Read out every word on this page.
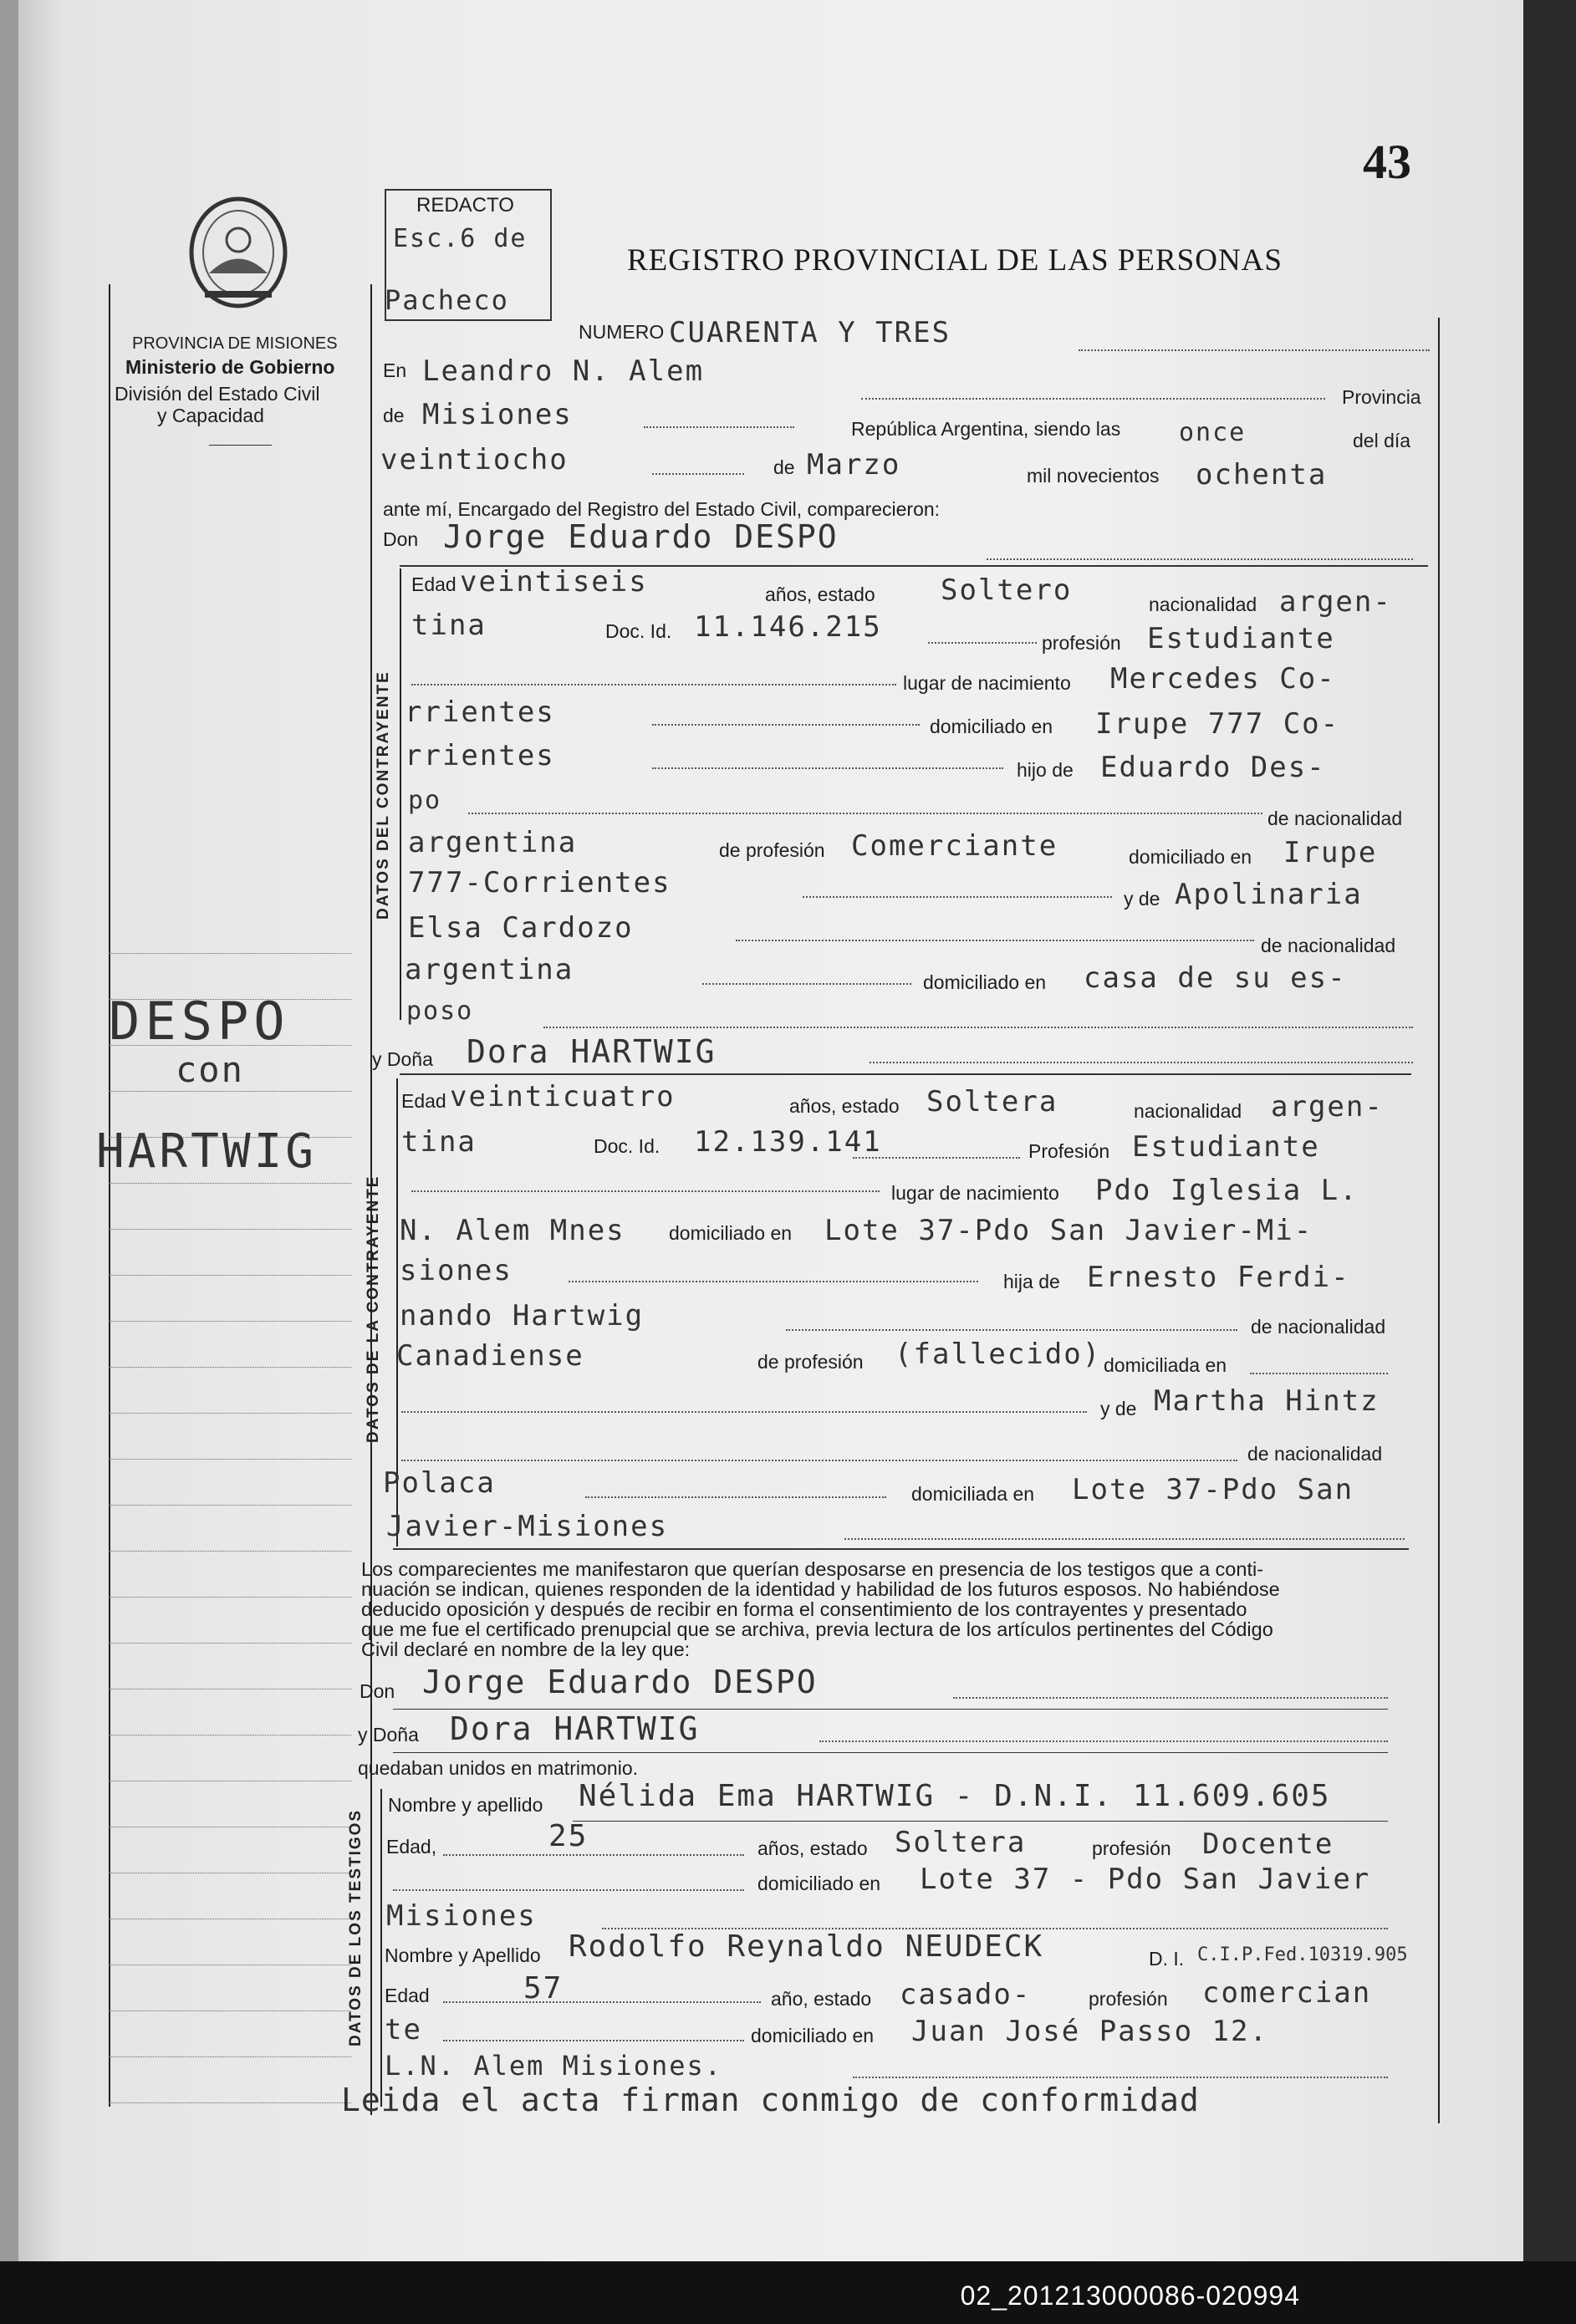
43
REDACTO
Esc.6 de
Pacheco
PROVINCIA DE MISIONES
Ministerio de Gobierno
División del Estado Civil
y Capacidad
REGISTRO PROVINCIAL DE LAS PERSONAS
DESPO
con
HARTWIG
NUMERO CUARENTA Y TRES
En Leandro N. Alem
Provincia
de Misiones	República Argentina, siendo las once	del día
veintiocho	de Marzo	mil novecientos ochenta
ante mí, Encargado del Registro del Estado Civil, comparecieron:
Don Jorge Eduardo DESPO
DATOS DEL CONTRAYENTE
Edad veintiseis	años, estado Soltero	nacionalidad argen-
tina	Doc. Id. 11.146.215	profesión Estudiante
lugar de nacimiento Mercedes Co-
rrientes	domiciliado en Irupe 777 Co-
rrientes	hijo de Eduardo Des-
po
de nacionalidad
argentina	de profesión Comerciante	domiciliado en Irupe
777-Corrientes	y de Apolinaria
Elsa Cardozo
de nacionalidad
argentina	domiciliado en casa de su es-
poso
y Doña Dora HARTWIG
DATOS DE LA CONTRAYENTE
Edad veinticuatro	años, estado Soltera	nacionalidad argen-
tina	Doc. Id. 12.139.141	Profesión Estudiante
lugar de nacimiento Pdo Iglesia L.
N. Alem Mnes domiciliado en Lote 37-Pdo San Javier-Mi-
siones	hija de Ernesto Ferdi-
nando Hartwig	de nacionalidad
Canadiense	de profesión (fallecido) domiciliada en
y de Martha Hintz
de nacionalidad
Polaca	domiciliada en Lote 37-Pdo San
Javier-Misiones
Los comparecientes me manifestaron que querían desposarse en presencia de los testigos que a conti-
nuación se indican, quienes responden de la identidad y habilidad de los futuros esposos. No habiéndose
deducido oposición y después de recibir en forma el consentimiento de los contrayentes y presentado
que me fue el certificado prenupcial que se archiva, previa lectura de los artículos pertinentes del Código
Civil declaré en nombre de la ley que:
Don Jorge Eduardo DESPO
y Doña Dora HARTWIG
quedaban unidos en matrimonio.
DATOS DE LOS TESTIGOS
Nombre y apellido Nélida Ema HARTWIG - D.N.I. 11.609.605
Edad,	25	años, estado Soltera	profesión Docente
domiciliado en Lote 37 - Pdo San Javier
Misiones
Nombre y Apellido Rodolfo Reynaldo NEUDECK	D. I. C.I.P.Fed.10319.905
Edad	57	año, estado casado-	profesión comercian
te	domiciliado en Juan José Passo 12.
L.N. Alem Misiones.
Leida el acta firman conmigo de conformidad
02_201213000086-020994
